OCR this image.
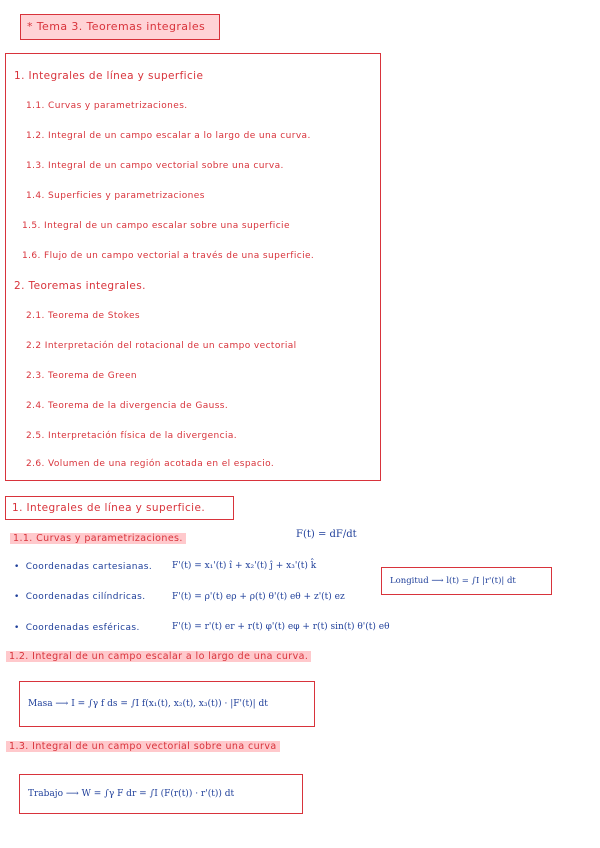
* Tema 3. Teoremas integrales
1. Integrales de línea y superficie
1.1. Curvas y parametrizaciones.
1.2. Integral de un campo escalar a lo largo de una curva.
1.3. Integral de un campo vectorial sobre una curva.
1.4. Superficies y parametrizaciones
1.5. Integral de un campo escalar sobre una superficie
1.6. Flujo de un campo vectorial a través de una superficie.
2. Teoremas integrales.
2.1. Teorema de Stokes
2.2 Interpretación del rotacional de un campo vectorial
2.3. Teorema de Green
2.4. Teorema de la divergencia de Gauss.
2.5. Interpretación física de la divergencia.
2.6. Volumen de una región acotada en el espacio.
1. Integrales de línea y superficie.
1.1. Curvas y parametrizaciones.	F(t) = dF/dt
• Coordenadas cartesianas. F'(t) = x₁'(t) î + x₂'(t) ĵ + x₃'(t) k̂
• Coordenadas cilíndricas.	F'(t) = ρ'(t) eρ + ρ(t) θ'(t) eθ + z'(t) ez
• Coordenadas esféricas.	F'(t) = r'(t) er + r(t) φ'(t) eφ + r(t) sin(t) θ'(t) eθ
Longitud ⟶ l(t) = ∫I |r'(t)| dt
1.2. Integral de un campo escalar a lo largo de una curva.
Masa ⟶ I = ∫γ f ds = ∫I f(x₁(t), x₂(t), x₃(t)) · |F'(t)| dt
1.3. Integral de un campo vectorial sobre una curva
Trabajo ⟶ W = ∫γ F dr = ∫I (F(r(t)) · r'(t)) dt
